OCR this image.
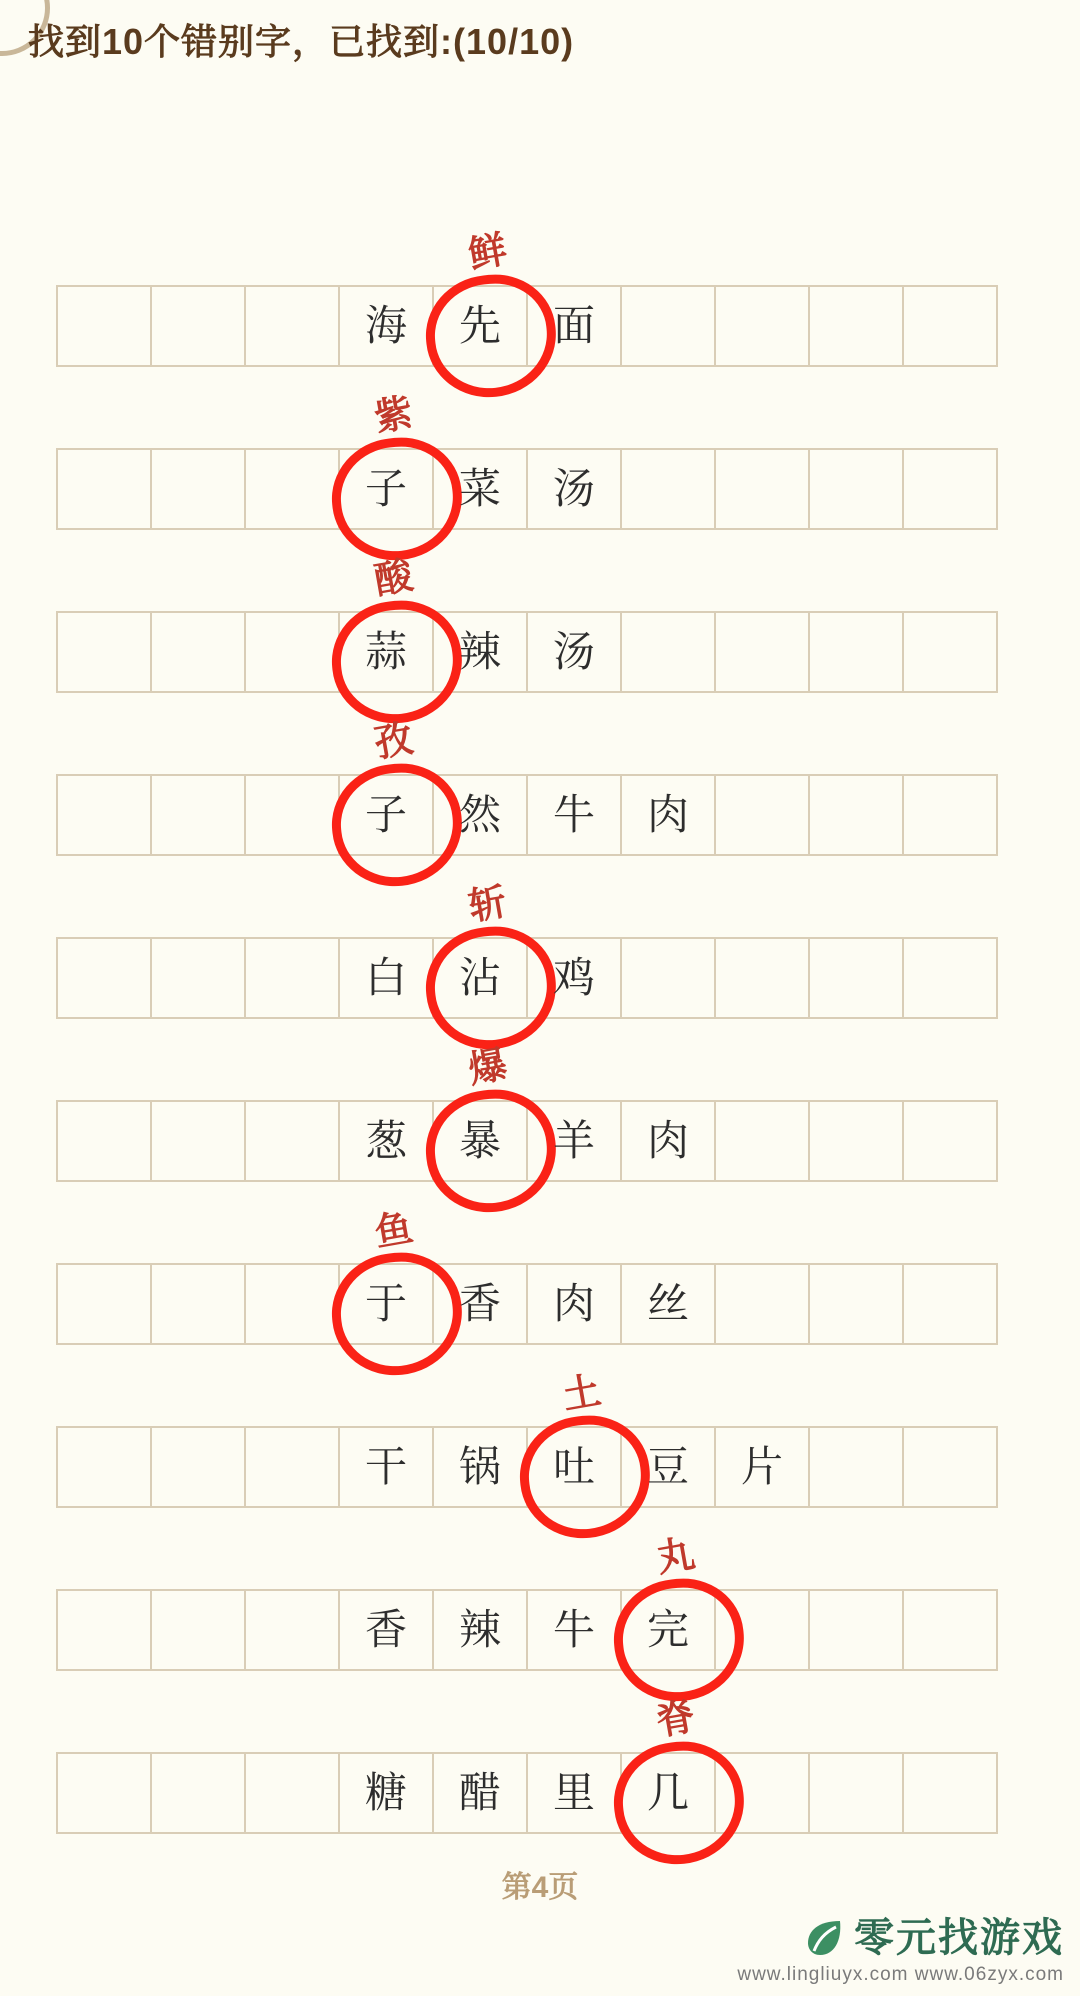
找到10个错别字，已找到:(10/10)
海
鲜
先 面
紫
子 菜 汤
酸
蒜 辣 汤
孜
子 然 牛 肉
白
斩
沾 鸡
葱
爆
暴 羊 肉
鱼
于 香 肉 丝
干 锅
土
吐 豆 片
香 辣 牛
丸
完
糖 醋 里
脊
几
第4页
零元找游戏
www.lingliuyx.com www.06zyx.com
